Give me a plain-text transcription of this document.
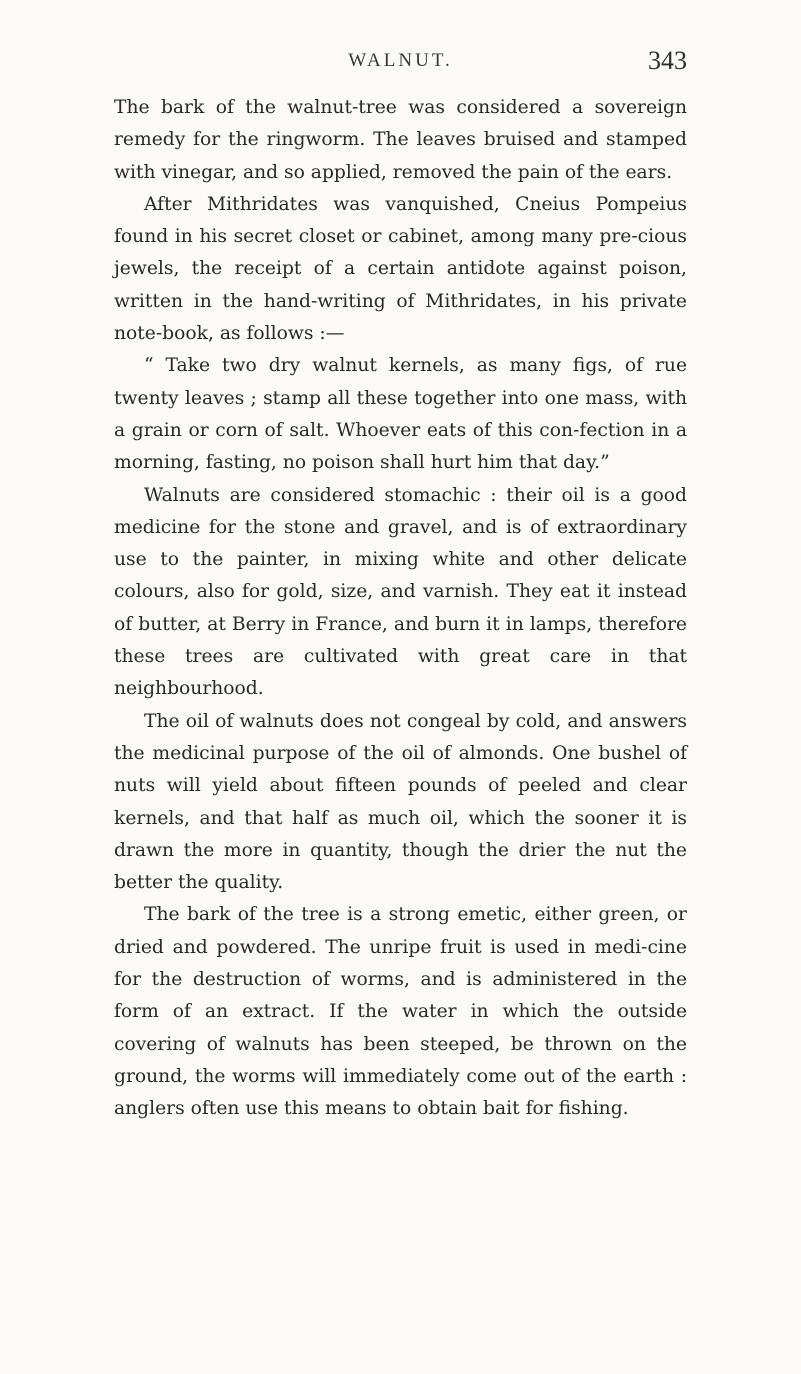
WALNUT.	343

The bark of the walnut-tree was considered a sovereign remedy for the ringworm. The leaves bruised and stamped with vinegar, and so applied, removed the pain of the ears.

After Mithridates was vanquished, Cneius Pompeius found in his secret closet or cabinet, among many pre-cious jewels, the receipt of a certain antidote against poison, written in the hand-writing of Mithridates, in his private note-book, as follows :—

“ Take two dry walnut kernels, as many figs, of rue twenty leaves ; stamp all these together into one mass, with a grain or corn of salt. Whoever eats of this con-fection in a morning, fasting, no poison shall hurt him that day.”

Walnuts are considered stomachic : their oil is a good medicine for the stone and gravel, and is of extraordinary use to the painter, in mixing white and other delicate colours, also for gold, size, and varnish. They eat it instead of butter, at Berry in France, and burn it in lamps, therefore these trees are cultivated with great care in that neighbourhood.

The oil of walnuts does not congeal by cold, and answers the medicinal purpose of the oil of almonds. One bushel of nuts will yield about fifteen pounds of peeled and clear kernels, and that half as much oil, which the sooner it is drawn the more in quantity, though the drier the nut the better the quality.

The bark of the tree is a strong emetic, either green, or dried and powdered. The unripe fruit is used in medi-cine for the destruction of worms, and is administered in the form of an extract. If the water in which the outside covering of walnuts has been steeped, be thrown on the ground, the worms will immediately come out of the earth : anglers often use this means to obtain bait for fishing.
